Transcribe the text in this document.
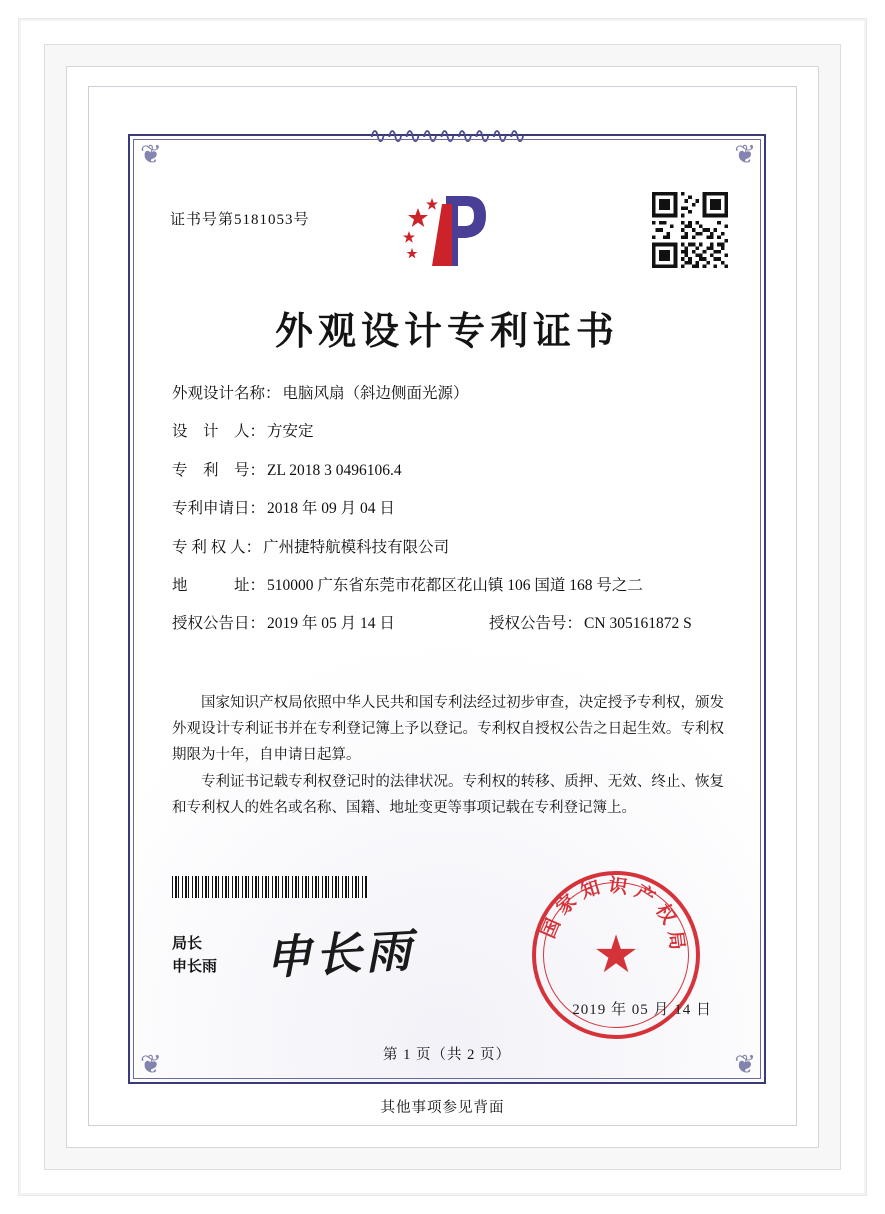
∿∿∿∿∿∿∿∿∿
❦	❦
❦	❦
证书号第5181053号
外观设计专利证书
外观设计名称： 电脑风扇（斜边侧面光源）
设　计　人： 方安定
专　利　号： ZL 2018 3 0496106.4
专利申请日： 2018 年 09 月 04 日
专 利 权 人： 广州捷特航模科技有限公司
地　　　址： 510000 广东省东莞市花都区花山镇 106 国道 168 号之二
授权公告日： 2019 年 05 月 14 日	授权公告号： CN 305161872 S

国家知识产权局依照中华人民共和国专利法经过初步审查，决定授予专利权，颁发外观设计专利证书并在专利登记簿上予以登记。专利权自授权公告之日起生效。专利权期限为十年，自申请日起算。

专利证书记载专利权登记时的法律状况。专利权的转移、质押、无效、终止、恢复和专利权人的姓名或名称、国籍、地址变更等事项记载在专利登记簿上。

局长
申长雨 申长雨	国家知识产权局
★
2019 年 05 月 14 日
第 1 页（共 2 页）
其他事项参见背面
